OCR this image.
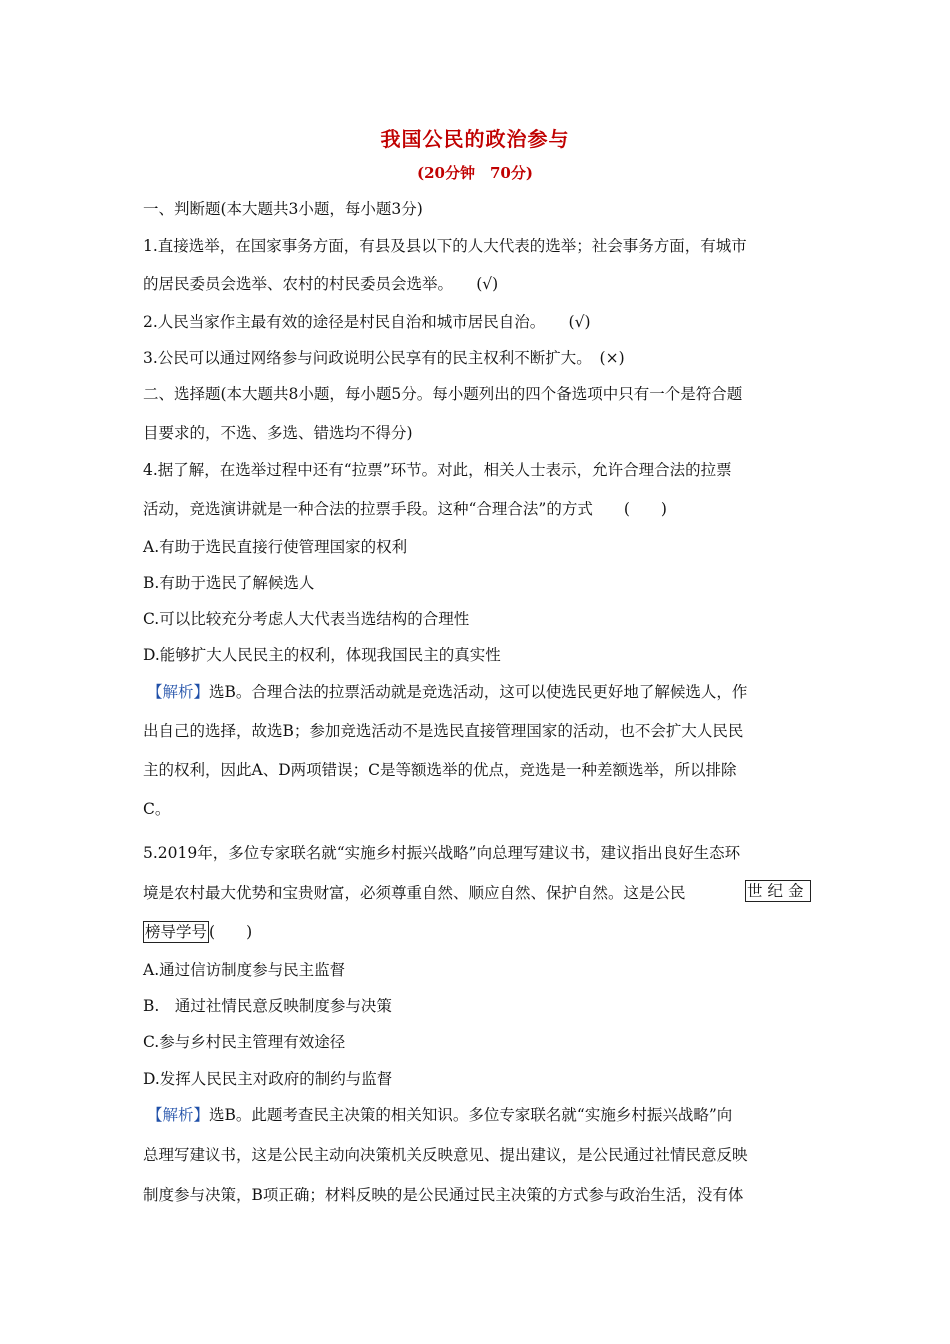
我国公民的政治参与
(20分钟　70分)
一、判断题(本大题共3小题，每小题3分)
1.直接选举，在国家事务方面，有县及县以下的人大代表的选举；社会事务方面，有城市
的居民委员会选举、农村的村民委员会选举。　　(√)
2.人民当家作主最有效的途径是村民自治和城市居民自治。　　(√)
3.公民可以通过网络参与问政说明公民享有的民主权利不断扩大。　(×)
二、选择题(本大题共8小题，每小题5分。每小题列出的四个备选项中只有一个是符合题
目要求的，不选、多选、错选均不得分)
4.据了解，在选举过程中还有“拉票”环节。对此，相关人士表示，允许合理合法的拉票
活动，竞选演讲就是一种合法的拉票手段。这种“合理合法”的方式　　(　　)
A.有助于选民直接行使管理国家的权利
B.有助于选民了解候选人
C.可以比较充分考虑人大代表当选结构的合理性
D.能够扩大人民民主的权利，体现我国民主的真实性
【解析】选B。合理合法的拉票活动就是竞选活动，这可以使选民更好地了解候选人，作
出自己的选择，故选B；参加竞选活动不是选民直接管理国家的活动，也不会扩大人民民
主的权利，因此A、D两项错误；C是等额选举的优点，竞选是一种差额选举，所以排除
C。
5.2019年，多位专家联名就“实施乡村振兴战略”向总理写建议书，建议指出良好生态环
境是农村最大优势和宝贵财富，必须尊重自然、顺应自然、保护自然。这是公民	世纪金
榜导学号 (　　)
A.通过信访制度参与民主监督
B.　通过社情民意反映制度参与决策
C.参与乡村民主管理有效途径
D.发挥人民民主对政府的制约与监督
【解析】选B。此题考查民主决策的相关知识。多位专家联名就“实施乡村振兴战略”向
总理写建议书，这是公民主动向决策机关反映意见、提出建议，是公民通过社情民意反映
制度参与决策，B项正确；材料反映的是公民通过民主决策的方式参与政治生活，没有体
